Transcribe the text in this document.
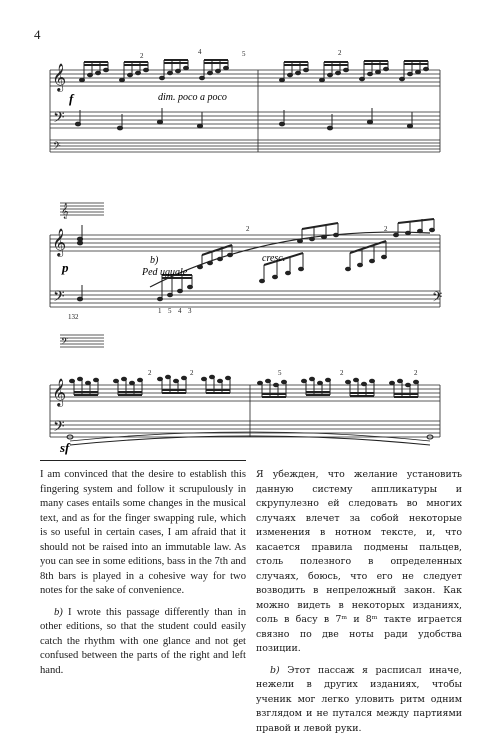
4
𝄞
𝄢
𝄢
f	dim. poco a poco
2	4	5	2
𝄞
𝄞
𝄢
𝄢
𝄢
p	b)
Ped uguale
cresc.
132
2	2
1 5 4 3
𝄞
𝄢
sf
2	2	5	2	2

I am convinced that the desire to establish this fingering system and follow it scrupulously in many cases entails some changes in the musical text, and as for the finger swapping rule, which is so useful in certain cases, I am afraid that it should not be raised into an immutable law. As you can see in some editions, bass in the 7th and 8th bars is played in a cohesive way for two notes for the sake of convenience.

b) I wrote this passage differently than in other editions, so that the student could easily catch the rhythm with one glance and not get confused between the parts of the right and left hand.

Я убежден, что желание установить данную систему аппликатуры и скрупулезно ей следовать во многих случаях влечет за собой некоторые изменения в нотном тексте, и, что касается правила подмены пальцев, столь полезного в определенных случаях, боюсь, что его не следует возводить в непреложный закон. Как можно видеть в некоторых изданиях, соль в басу в 7ᵐ и 8ᵐ такте играется связно по две ноты ради удобства позиции.

b) Этот пассаж я расписал иначе, нежели в других изданиях, чтобы ученик мог легко уловить ритм одним взглядом и не путался между партиями правой и левой руки.
